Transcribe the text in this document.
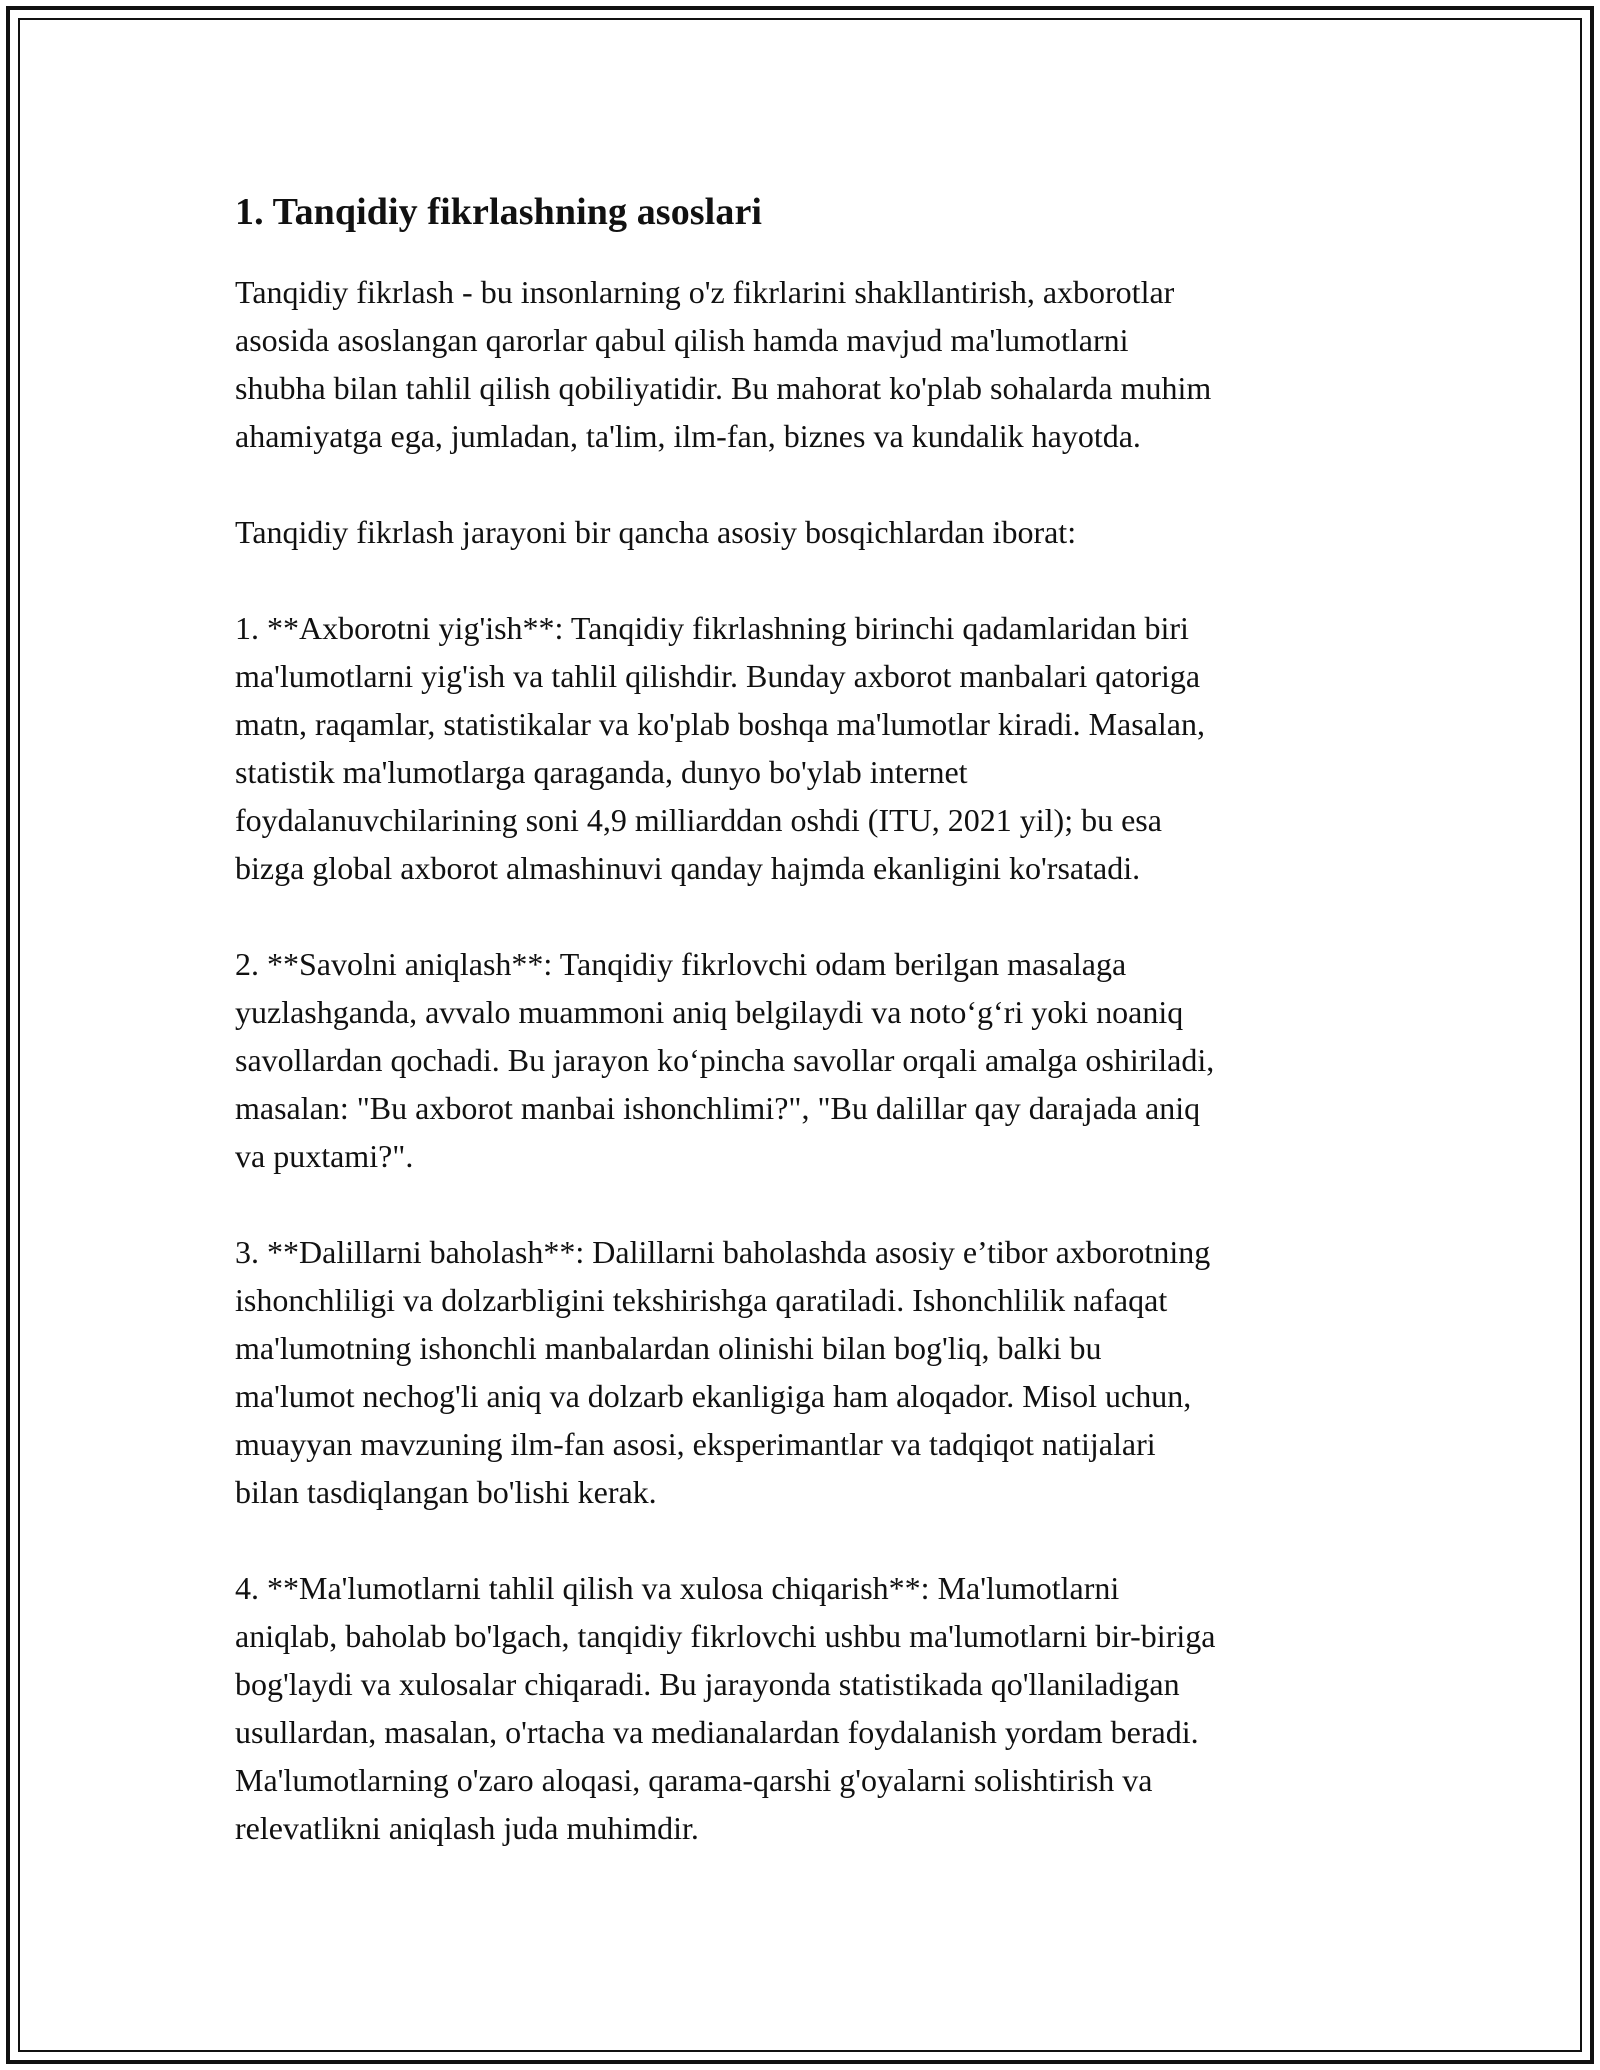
1. Tanqidiy fikrlashning asoslari

Tanqidiy fikrlash - bu insonlarning o'z fikrlarini shakllantirish, axborotlar
asosida asoslangan qarorlar qabul qilish hamda mavjud ma'lumotlarni
shubha bilan tahlil qilish qobiliyatidir. Bu mahorat ko'plab sohalarda muhim
ahamiyatga ega, jumladan, ta'lim, ilm-fan, biznes va kundalik hayotda.

Tanqidiy fikrlash jarayoni bir qancha asosiy bosqichlardan iborat:

1. **Axborotni yig'ish**: Tanqidiy fikrlashning birinchi qadamlaridan biri
ma'lumotlarni yig'ish va tahlil qilishdir. Bunday axborot manbalari qatoriga
matn, raqamlar, statistikalar va ko'plab boshqa ma'lumotlar kiradi. Masalan,
statistik ma'lumotlarga qaraganda, dunyo bo'ylab internet
foydalanuvchilarining soni 4,9 milliarddan oshdi (ITU, 2021 yil); bu esa
bizga global axborot almashinuvi qanday hajmda ekanligini ko'rsatadi.

2. **Savolni aniqlash**: Tanqidiy fikrlovchi odam berilgan masalaga
yuzlashganda, avvalo muammoni aniq belgilaydi va noto‘g‘ri yoki noaniq
savollardan qochadi. Bu jarayon ko‘pincha savollar orqali amalga oshiriladi,
masalan: "Bu axborot manbai ishonchlimi?", "Bu dalillar qay darajada aniq
va puxtami?".

3. **Dalillarni baholash**: Dalillarni baholashda asosiy e’tibor axborotning
ishonchliligi va dolzarbligini tekshirishga qaratiladi. Ishonchlilik nafaqat
ma'lumotning ishonchli manbalardan olinishi bilan bog'liq, balki bu
ma'lumot nechog'li aniq va dolzarb ekanligiga ham aloqador. Misol uchun,
muayyan mavzuning ilm-fan asosi, eksperimantlar va tadqiqot natijalari
bilan tasdiqlangan bo'lishi kerak.

4. **Ma'lumotlarni tahlil qilish va xulosa chiqarish**: Ma'lumotlarni
aniqlab, baholab bo'lgach, tanqidiy fikrlovchi ushbu ma'lumotlarni bir-biriga
bog'laydi va xulosalar chiqaradi. Bu jarayonda statistikada qo'llaniladigan
usullardan, masalan, o'rtacha va medianalardan foydalanish yordam beradi.
Ma'lumotlarning o'zaro aloqasi, qarama-qarshi g'oyalarni solishtirish va
relevatlikni aniqlash juda muhimdir.
